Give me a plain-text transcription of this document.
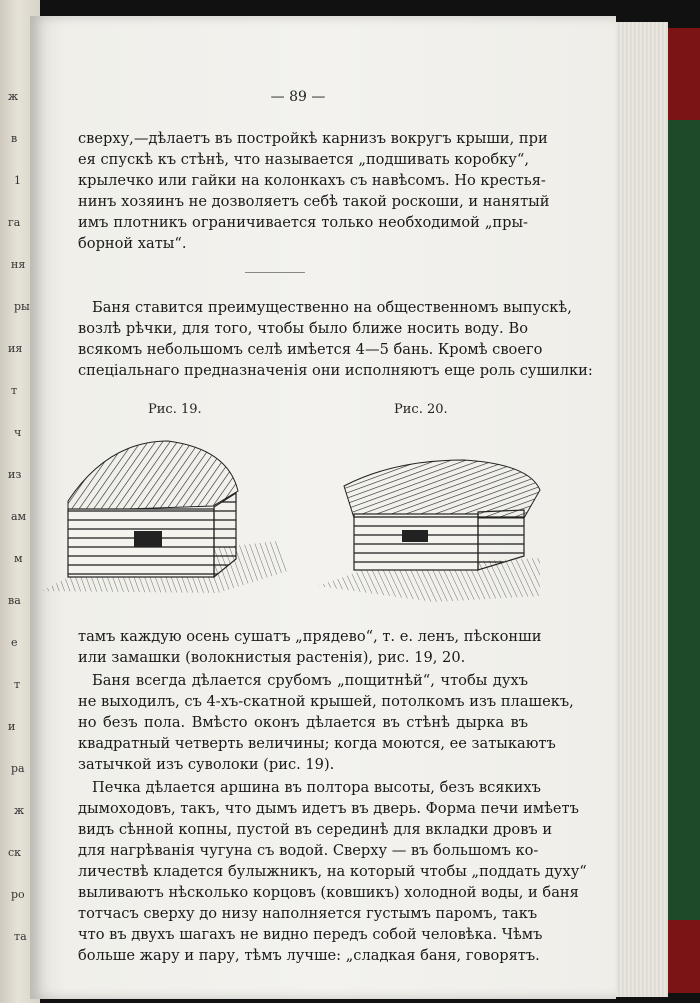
ж
в
1
га
ня
ры
ия
т
ч
из
ам
м
ва
е
т
и
ра
ж
ск
ро
та
— 89 —
сверху,—дѣлаетъ въ постройкѣ карнизъ вокругъ крыши, при
ея спускѣ къ стѣнѣ, что называется „подшивать коробку“,
крылечко или гайки на колонкахъ съ навѣсомъ. Но крестья-
нинъ хозяинъ не дозволяетъ себѣ такой роскоши, и нанятый
имъ плотникъ ограничивается только необходимой „пры-
борной хаты“.
Баня ставится преимущественно на общественномъ выпускѣ,
возлѣ рѣчки, для того, чтобы было ближе носить воду. Во
всякомъ небольшомъ селѣ имѣется 4—5 бань. Кромѣ своего
спеціальнаго предназначенія они исполняютъ еще роль сушилки:
Рис. 19.	Рис. 20.
тамъ каждую осень сушатъ „прядево“, т. е. ленъ, пѣсконши
или замашки (волокнистыя растенія), рис. 19, 20.
Баня всегда дѣлается срубомъ „пощитнѣй“, чтобы духъ
не выходилъ, съ 4-хъ-скатной крышей, потолкомъ изъ плашекъ,
но безъ пола. Вмѣсто оконъ дѣлается въ стѣнѣ дырка въ
квадратный четверть величины; когда моются, ее затыкаютъ
затычкой изъ суволоки (рис. 19).
Печка дѣлается аршина въ полтора высоты, безъ всякихъ
дымоходовъ, такъ, что дымъ идетъ въ дверь. Форма печи имѣетъ
видъ сѣнной копны, пустой въ серединѣ для вкладки дровъ и
для нагрѣванія чугуна съ водой. Сверху — въ большомъ ко-
личествѣ кладется булыжникъ, на который чтобы „поддать духу“
выливаютъ нѣсколько корцовъ (ковшикъ) холодной воды, и баня
тотчасъ сверху до низу наполняется густымъ паромъ, такъ
что въ двухъ шагахъ не видно передъ собой человѣка. Чѣмъ
больше жару и пару, тѣмъ лучше: „сладкая баня, говорятъ.
